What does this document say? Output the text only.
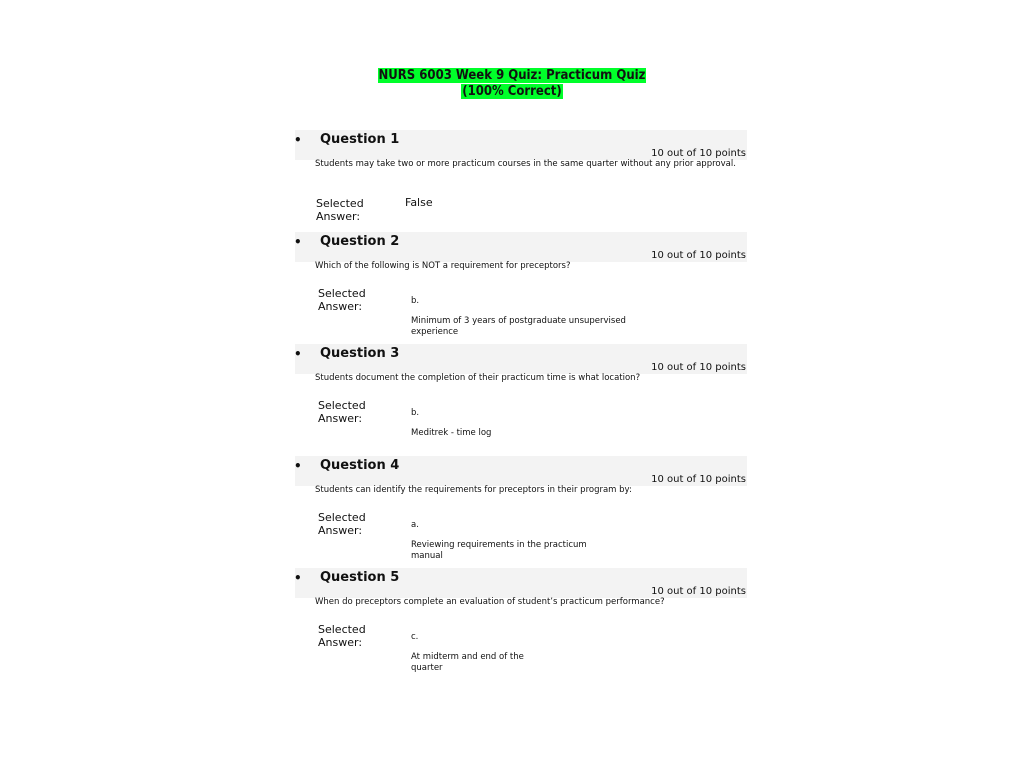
NURS 6003 Week 9 Quiz: Practicum Quiz
(100% Correct)
• Question 1
10 out of 10 points
Students may take two or more practicum courses in the same quarter without any prior approval.
Selected Answer:
False
• Question 2
10 out of 10 points
Which of the following is NOT a requirement for preceptors?
Selected Answer:	b.
Minimum of 3 years of postgraduate unsupervised experience
• Question 3
10 out of 10 points
Students document the completion of their practicum time is what location?
Selected Answer:	b.
Meditrek - time log
• Question 4
10 out of 10 points
Students can identify the requirements for preceptors in their program by:
Selected Answer:	a.
Reviewing requirements in the practicum manual
• Question 5
10 out of 10 points
When do preceptors complete an evaluation of student’s practicum performance?
Selected Answer:	c.
At midterm and end of the quarter
